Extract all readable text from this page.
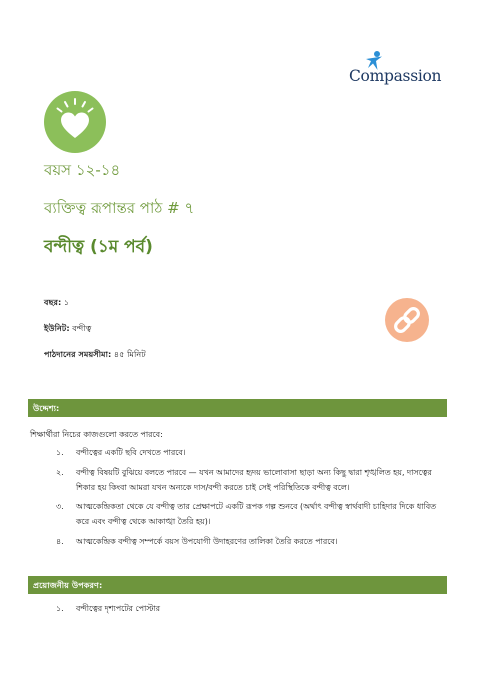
Compassion
বয়স ১২-১৪
ব্যক্তিত্ব রূপান্তর পাঠ # ৭
বন্দীত্ব (১ম পর্ব)
বছর: ১
ইউনিট: বন্দীত্ব
পাঠদানের সময়সীমা: ৪৫ মিনিট
উদ্দেশ্য:
শিক্ষার্থীরা নিচের কাজগুলো করতে পারবে:
১. বন্দীত্বের একটি ছবি দেখতে পারবে।
২. বন্দীত্ব বিষয়টি বুঝিয়ে বলতে পারবে — যখন আমাদের হৃদয় ভালোবাসা ছাড়া অন্য কিছু দ্বারা শৃঙ্খলিত হয়, দাসত্বের শিকার হয় কিংবা আমরা যখন অন্যকে দাস/বন্দী করতে চাই সেই পরিস্থিতিকে বন্দীত্ব বলে।
৩. আত্মকেন্দ্রিকতা থেকে যে বন্দীত্ব তার প্রেক্ষাপটে একটি রূপক গল্প শুনবে (অর্থাৎ বন্দীত্ব স্বার্থবাদী চাহিদার দিকে ধাবিত করে এবং বন্দীত্ব থেকে আকাঙ্খা তৈরি হয়)।
৪. আত্মকেন্দ্রিক বন্দীত্ব সম্পর্কে বয়স উপযোগী উদাহরণের তালিকা তৈরি করতে পারবে।
প্রয়োজনীয় উপকরণ:
১. বন্দীত্বের দৃশ্যপটের পোস্টার
